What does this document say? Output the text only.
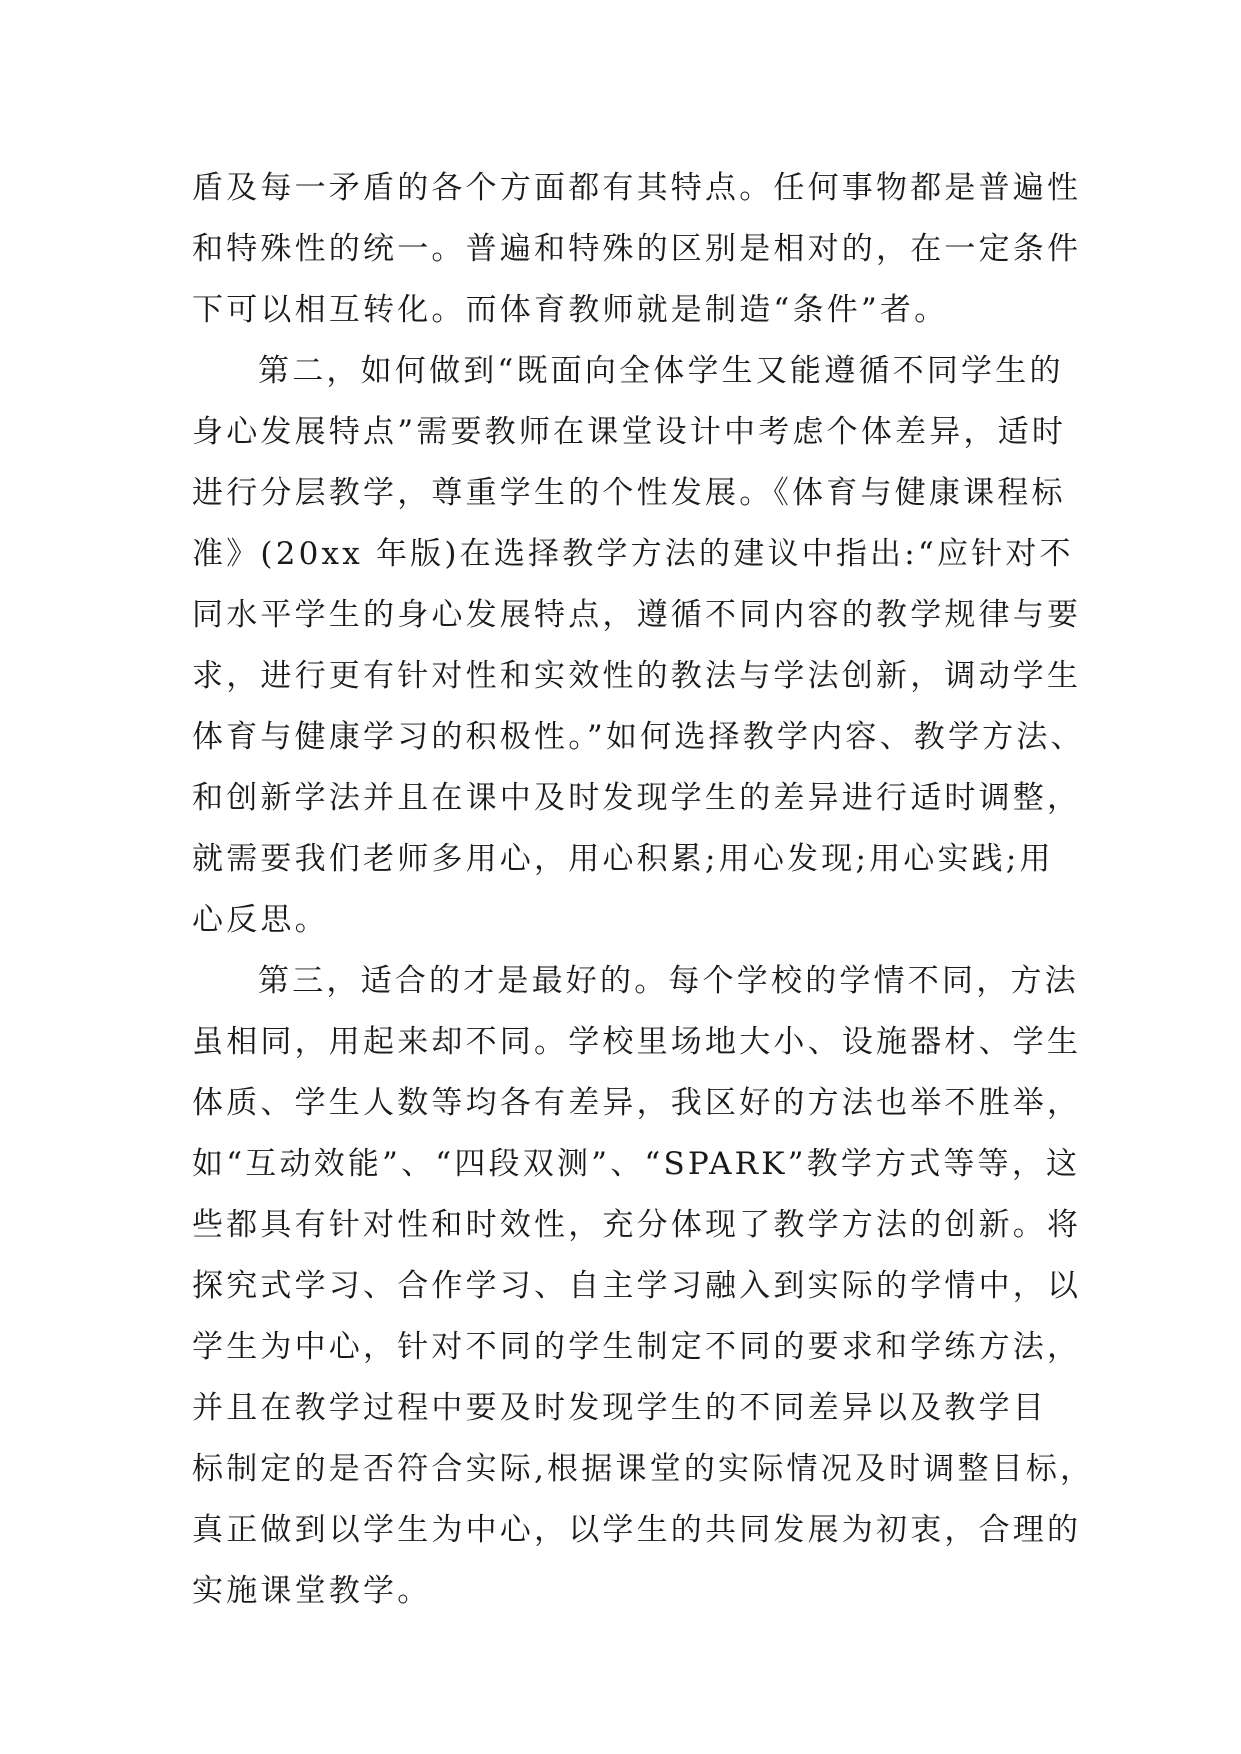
盾及每一矛盾的各个方面都有其特点。任何事物都是普遍性
和特殊性的统一。普遍和特殊的区别是相对的，在一定条件
下可以相互转化。而体育教师就是制造“条件”者。
第二，如何做到“既面向全体学生又能遵循不同学生的
身心发展特点”需要教师在课堂设计中考虑个体差异，适时
进行分层教学，尊重学生的个性发展。《体育与健康课程标
准》(20xx 年版)在选择教学方法的建议中指出:“应针对不
同水平学生的身心发展特点，遵循不同内容的教学规律与要
求，进行更有针对性和实效性的教法与学法创新，调动学生
体育与健康学习的积极性。”如何选择教学内容、教学方法、
和创新学法并且在课中及时发现学生的差异进行适时调整，
就需要我们老师多用心，用心积累;用心发现;用心实践;用
心反思。
第三，适合的才是最好的。每个学校的学情不同，方法
虽相同，用起来却不同。学校里场地大小、设施器材、学生
体质、学生人数等均各有差异，我区好的方法也举不胜举，
如“互动效能”、“四段双测”、“SPARK”教学方式等等，这
些都具有针对性和时效性，充分体现了教学方法的创新。将
探究式学习、合作学习、自主学习融入到实际的学情中，以
学生为中心，针对不同的学生制定不同的要求和学练方法，
并且在教学过程中要及时发现学生的不同差异以及教学目
标制定的是否符合实际,根据课堂的实际情况及时调整目标，
真正做到以学生为中心，以学生的共同发展为初衷，合理的
实施课堂教学。
